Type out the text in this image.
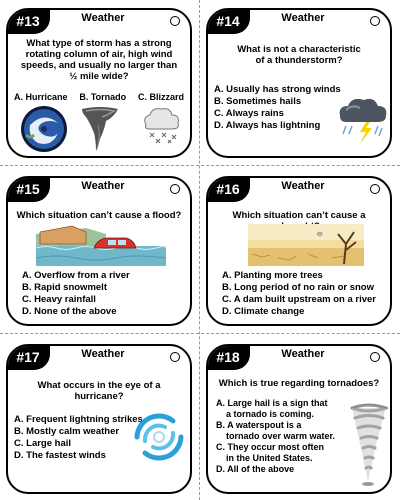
#13	Weather
What type of storm has a strong rotating column of air, high wind speeds, and usually no larger than ½ mile wide?
A. Hurricane B. Tornado C. Blizzard
#14	Weather
What is not a characteristic of a thunderstorm?
A. Usually has strong winds
B. Sometimes hails
C. Always rains
D. Always has lightning
#15	Weather
Which situation can’t cause a flood?
A. Overflow from a river
B. Rapid snowmelt
C. Heavy rainfall
D. None of the above
#16	Weather
Which situation can’t cause a
A. Planting more trees
B. Long period of no rain or snow
C. A dam built upstream on a river
D. Climate change
#17	Weather
What occurs in the eye of a hurricane?
A. Frequent lightning strikes
B. Mostly calm weather
C. Large hail
D. The fastest winds
#18	Weather
Which is true regarding tornadoes?
A. Large hail is a sign that
a tornado is coming.
B. A waterspout is a
tornado over warm water.
C. They occur most often
in the United States.
D. All of the above
